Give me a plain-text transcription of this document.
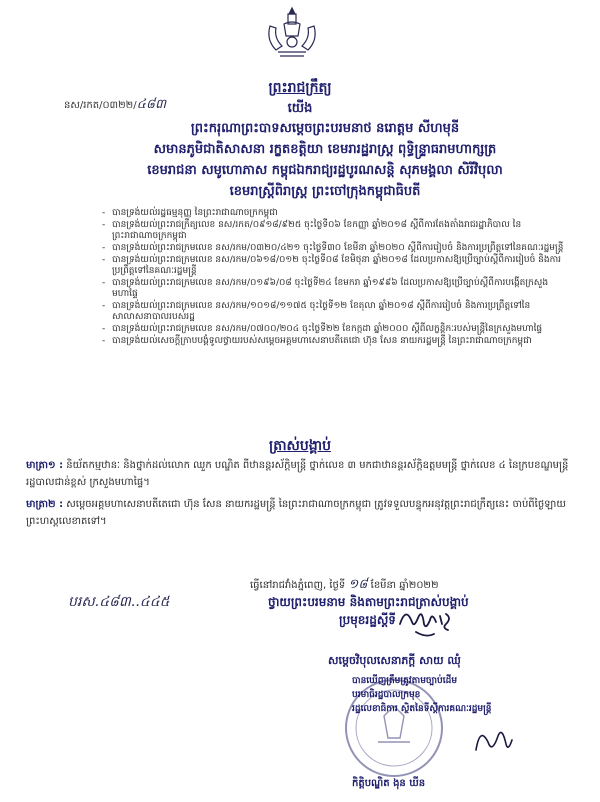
ព្រះរាជក្រឹត្យ
នស/រកត/០៣២២/៤៨៣	យើង
ព្រះករុណាព្រះបាទសម្តេចព្រះបរមនាថ នរោត្តម សីហមុនី
សមានភូមិជាតិសាសនា រក្ខតខត្តិយា ខេមរារដ្ឋរាស្ត្រ ពុទ្ធិន្ទ្រាធរាមហាក្សត្រ
ខេមរាជនា សមូហោភាស កម្ពុជឯករាជ្យរដ្ឋបូរណសន្តិ សុភមង្គលា សិរីវិបុលា
ខេមរាស្ត្រីពិរាស្ត្រ ព្រះចៅក្រុងកម្ពុជាធិបតី
- បានទ្រង់យល់រដ្ឋធម្មនុញ្ញ នៃព្រះរាជាណាចក្រកម្ពុជា
- បានទ្រង់យល់ព្រះរាជក្រឹត្យលេខ នស/រកត/០៩១៨/៩២៥ ចុះថ្ងៃទី០៦ ខែកញ្ញា ឆ្នាំ២០១៨ ស្តីពីការតែងតាំងរាជរដ្ឋាភិបាល នៃព្រះរាជាណាចក្រកម្ពុជា
- បានទ្រង់យល់ព្រះរាជក្រមលេខ នស/រកម/០៣២០/៤២១ ចុះថ្ងៃទី៣០ ខែមីនា ឆ្នាំ២០២០ ស្តីពីការរៀបចំ និងការប្រព្រឹត្តទៅនៃគណៈរដ្ឋមន្ត្រី
- បានទ្រង់យល់ព្រះរាជក្រមលេខ នស/រកម/០៦១៨/០១២ ចុះថ្ងៃទី០៨ ខែមិថុនា ឆ្នាំ២០១៨ ដែលប្រកាសឱ្យប្រើច្បាប់ស្តីពីការរៀបចំ និងការប្រព្រឹត្តទៅនៃគណៈរដ្ឋមន្ត្រី
- បានទ្រង់យល់ព្រះរាជក្រមលេខ នស/រកម/០១៩៦/០៨ ចុះថ្ងៃទី២៤ ខែមករា ឆ្នាំ១៩៩៦ ដែលប្រកាសឱ្យប្រើច្បាប់ស្តីពីការបង្កើតក្រសួងមហាផ្ទៃ
- បានទ្រង់យល់ព្រះរាជក្រមលេខ នស/រកម/១០១៨/១១៧៥ ចុះថ្ងៃទី១២ ខែតុលា ឆ្នាំ២០១៨ ស្តីពីការរៀបចំ និងការប្រព្រឹត្តទៅនៃសាលាសនាបាលរបស់រដ្ឋ
- បានទ្រង់យល់ព្រះរាជក្រមលេខ នស/រកម/០៧០០/២០៤ ចុះថ្ងៃទី២២ ខែកក្កដា ឆ្នាំ២០០០ ស្តីពីលក្ខន្តិកៈរបស់មន្ត្រីនៃក្រសួងមហាផ្ទៃ
- បានទ្រង់យល់សេចក្តីក្រាបបង្គំទូលថ្វាយរបស់សម្តេចអគ្គមហាសេនាបតីតេជោ ហ៊ុន សែន នាយករដ្ឋមន្ត្រី នៃព្រះរាជាណាចក្រកម្ពុជា
ត្រាស់បង្គាប់
មាត្រា១ : និយ័តកម្មឋានៈ និងថ្នាក់ដល់លោក ឈួក បណ្ឌិត ពីឋានន្តរស័ក្តិមន្ត្រី ថ្នាក់លេខ ៣ មកជាឋានន្តរស័ក្តិឧត្តមមន្ត្រី ថ្នាក់លេខ ៤ នៃក្របខណ្ឌមន្ត្រីរដ្ឋបាលជាន់ខ្ពស់ ក្រសួងមហាផ្ទៃ។
មាត្រា២ : សម្តេចអគ្គមហាសេនាបតីតេជោ ហ៊ុន សែន នាយករដ្ឋមន្ត្រី នៃព្រះរាជាណាចក្រកម្ពុជា ត្រូវទទួលបន្ទុកអនុវត្តព្រះរាជក្រឹត្យនេះ ចាប់ពីថ្ងៃឡាយព្រះហស្តលេខាតទៅ។
ធ្វើនៅរាជវាំងភ្នំពេញ, ថ្ងៃទី ១៨ ខែមីនា ឆ្នាំ២០២២
ថ្វាយព្រះបរមនាម និងតាមព្រះរាជត្រាស់បង្គាប់
ប្រមុខរដ្ឋស្តីទី
បរស.៤៨៣..៤៤៥
សម្តេចវិបុលសេនាភក្តី សាយ ឈុំ
បានឃើញត្រឹមត្រូវតាមច្បាប់ដើម
បរមាធិរដ្ឋបាលក្រមុខ
រដ្ឋលេខាធិការ ស្ថិតនៃទីស្តីការគណៈរដ្ឋមន្ត្រី
កិត្តិបណ្ឌិត ងុន ឃីន
